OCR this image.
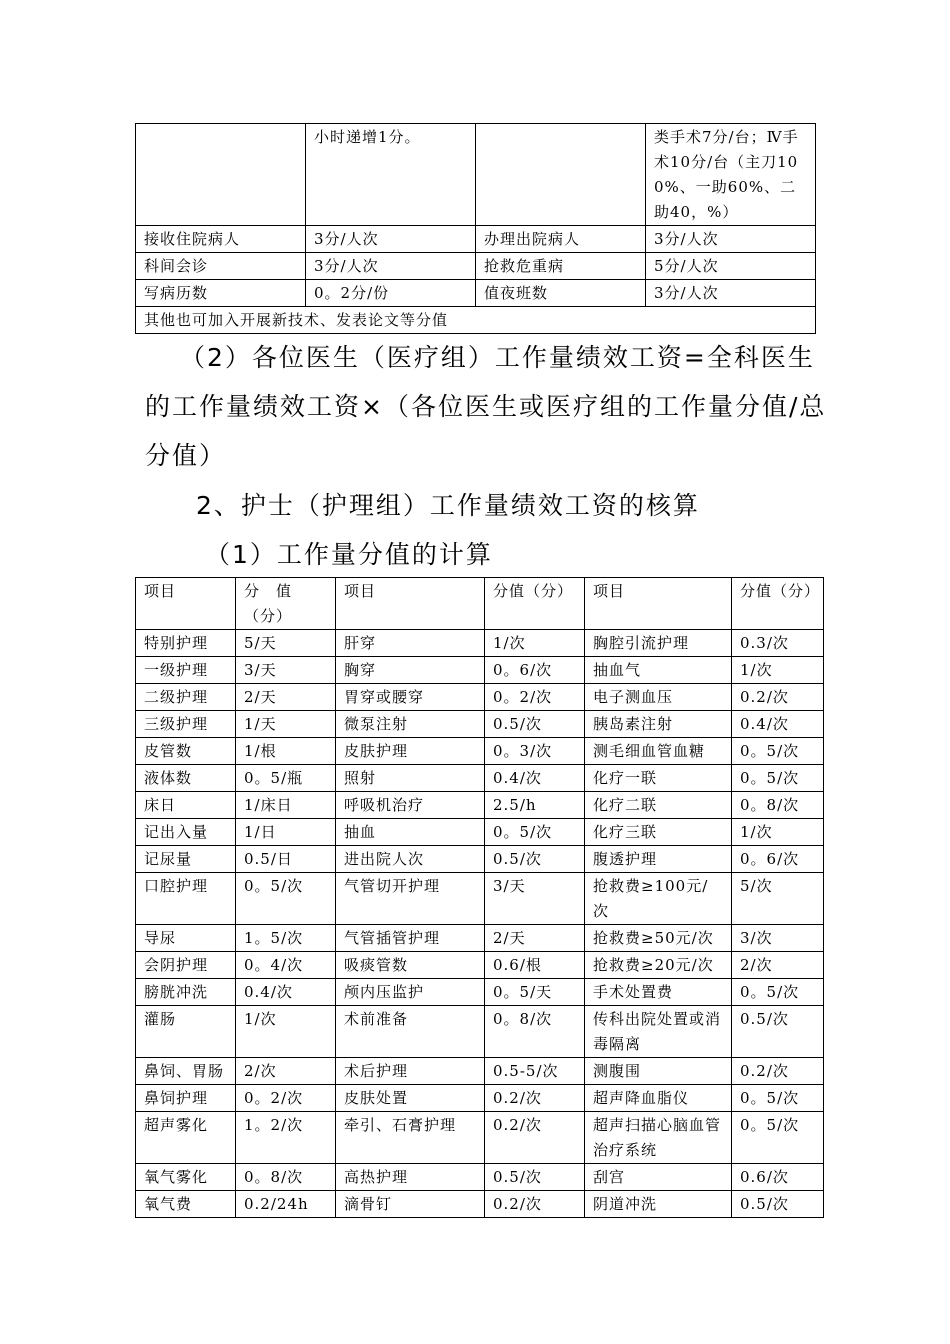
	小时递增1分。		类手术7分/台；Ⅳ手术10分/台（主刀100%、一助60%、二助40，%）
接收住院病人	3分/人次	办理出院病人	3分/人次
科间会诊	3分/人次	抢救危重病	5分/人次
写病历数	0。2分/份	值夜班数	3分/人次
其他也可加入开展新技术、发表论文等分值			
（2）各位医生（医疗组）工作量绩效工资=全科医生
的工作量绩效工资×（各位医生或医疗组的工作量分值/总
分值）
2、护士（护理组）工作量绩效工资的核算
（1）工作量分值的计算
项目	分　值（分）	项目	分值（分）	项目	分值（分）
特别护理	5/天	肝穿	1/次	胸腔引流护理	0.3/次
一级护理	3/天	胸穿	0。6/次	抽血气	1/次
二级护理	2/天	胃穿或腰穿	0。2/次	电子测血压	0.2/次
三级护理	1/天	微泵注射	0.5/次	胰岛素注射	0.4/次
皮管数	1/根	皮肤护理	0。3/次	测毛细血管血糖	0。5/次
液体数	0。5/瓶	照射	0.4/次	化疗一联	0。5/次
床日	1/床日	呼吸机治疗	2.5/h	化疗二联	0。8/次
记出入量	1/日	抽血	0。5/次	化疗三联	1/次
记尿量	0.5/日	进出院人次	0.5/次	腹透护理	0。6/次
口腔护理	0。5/次	气管切开护理	3/天	抢救费≥100元/次	5/次
导尿	1。5/次	气管插管护理	2/天	抢救费≥50元/次	3/次
会阴护理	0。4/次	吸痰管数	0.6/根	抢救费≥20元/次	2/次
膀胱冲洗	0.4/次	颅内压监护	0。5/天	手术处置费	0。5/次
灌肠	1/次	术前准备	0。8/次	传科出院处置或消毒隔离	0.5/次
鼻饲、胃肠	2/次	术后护理	0.5-5/次	测腹围	0.2/次
鼻饲护理	0。2/次	皮肤处置	0.2/次	超声降血脂仪	0。5/次
超声雾化	1。2/次	牵引、石膏护理	0.2/次	超声扫描心脑血管治疗系统	0。5/次
氧气雾化	0。8/次	高热护理	0.5/次	刮宫	0.6/次
氧气费	0.2/24h	滴骨钉	0.2/次	阴道冲洗	0.5/次
